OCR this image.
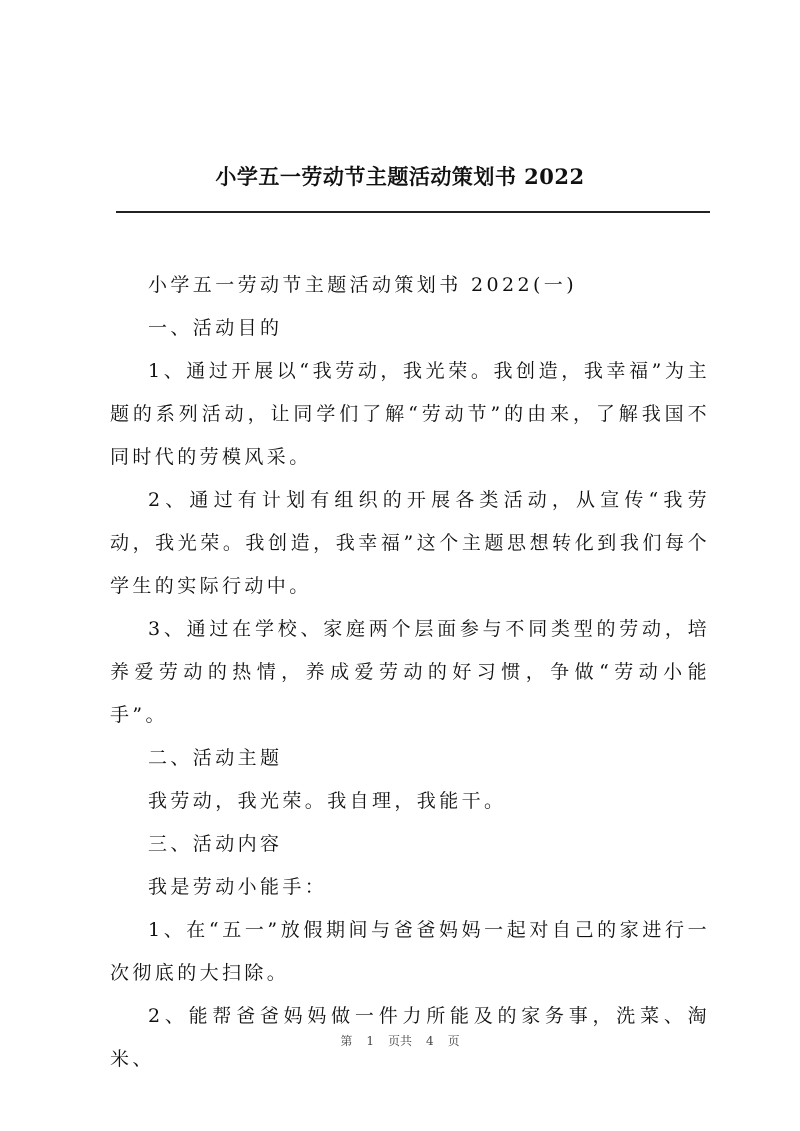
小学五一劳动节主题活动策划书 2022

小学五一劳动节主题活动策划书 2022(一)

一、活动目的

1、通过开展以“我劳动，我光荣。我创造，我幸福”为主题的系列活动，让同学们了解“劳动节”的由来，了解我国不同时代的劳模风采。

2、通过有计划有组织的开展各类活动，从宣传“我劳动，我光荣。我创造，我幸福”这个主题思想转化到我们每个学生的实际行动中。

3、通过在学校、家庭两个层面参与不同类型的劳动，培养爱劳动的热情，养成爱劳动的好习惯，争做“劳动小能手”。

二、活动主题

我劳动，我光荣。我自理，我能干。

三、活动内容

我是劳动小能手：

1、在“五一”放假期间与爸爸妈妈一起对自己的家进行一次彻底的大扫除。

2、能帮爸爸妈妈做一件力所能及的家务事，洗菜、淘米、

第 1 页共 4 页
